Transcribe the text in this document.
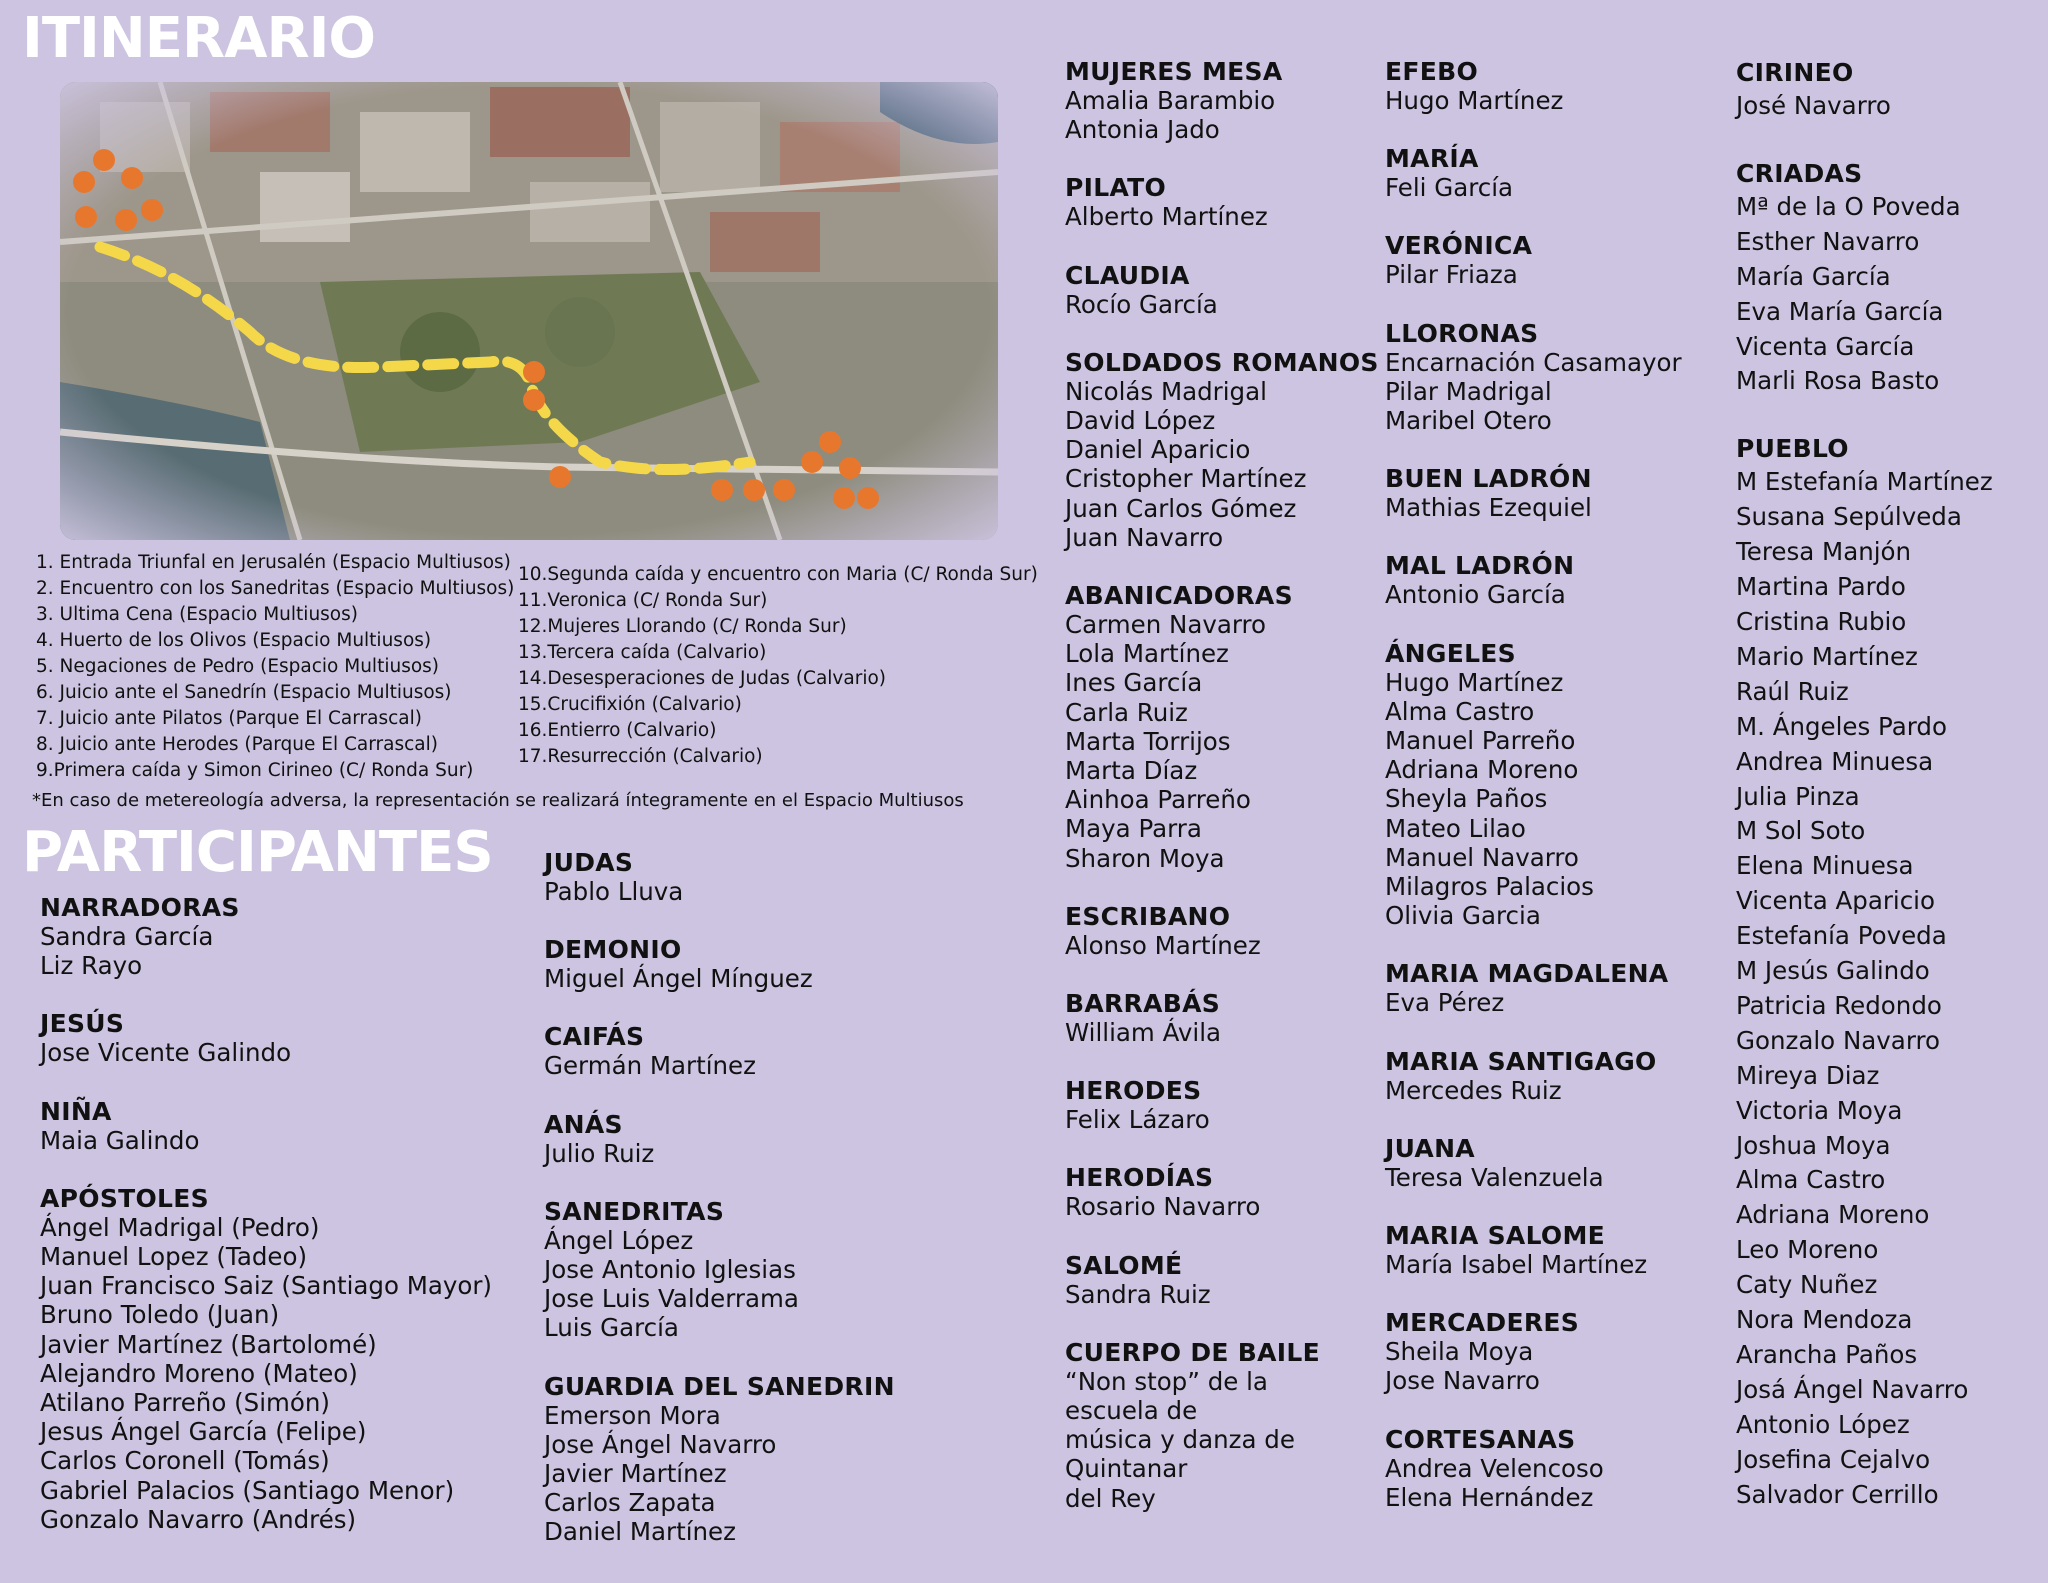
ITINERARIO
1. Entrada Triunfal en Jerusalén (Espacio Multiusos)
2. Encuentro con los Sanedritas (Espacio Multiusos)
3. Ultima Cena (Espacio Multiusos)
4. Huerto de los Olivos (Espacio Multiusos)
5. Negaciones de Pedro (Espacio Multiusos)
6. Juicio ante el Sanedrín (Espacio Multiusos)
7. Juicio ante Pilatos (Parque El Carrascal)
8. Juicio ante Herodes (Parque El Carrascal)
9.Primera caída y Simon Cirineo (C/ Ronda Sur)
10.Segunda caída y encuentro con Maria (C/ Ronda Sur)
11.Veronica (C/ Ronda Sur)
12.Mujeres Llorando (C/ Ronda Sur)
13.Tercera caída (Calvario)
14.Desesperaciones de Judas (Calvario)
15.Crucifixión (Calvario)
16.Entierro (Calvario)
17.Resurrección (Calvario)
*En caso de metereología adversa, la representación se realizará íntegramente en el Espacio Multiusos
PARTICIPANTES
NARRADORAS
Sandra García
Liz Rayo
JESÚS
Jose Vicente Galindo
NIÑA
Maia Galindo
APÓSTOLES
Ángel Madrigal (Pedro)
Manuel Lopez (Tadeo)
Juan Francisco Saiz (Santiago Mayor)
Bruno Toledo (Juan)
Javier Martínez (Bartolomé)
Alejandro Moreno (Mateo)
Atilano Parreño (Simón)
Jesus Ángel García (Felipe)
Carlos Coronell (Tomás)
Gabriel Palacios (Santiago Menor)
Gonzalo Navarro (Andrés)
JUDAS
Pablo Lluva
DEMONIO
Miguel Ángel Mínguez
CAIFÁS
Germán Martínez
ANÁS
Julio Ruiz
SANEDRITAS
Ángel López
Jose Antonio Iglesias
Jose Luis Valderrama
Luis García
GUARDIA DEL SANEDRIN
Emerson Mora
Jose Ángel Navarro
Javier Martínez
Carlos Zapata
Daniel Martínez
MUJERES MESA
Amalia Barambio
Antonia Jado
PILATO
Alberto Martínez
CLAUDIA
Rocío García
SOLDADOS ROMANOS
Nicolás Madrigal
David López
Daniel Aparicio
Cristopher Martínez
Juan Carlos Gómez
Juan Navarro
ABANICADORAS
Carmen Navarro
Lola Martínez
Ines García
Carla Ruiz
Marta Torrijos
Marta Díaz
Ainhoa Parreño
Maya Parra
Sharon Moya
ESCRIBANO
Alonso Martínez
BARRABÁS
William Ávila
HERODES
Felix Lázaro
HERODÍAS
Rosario Navarro
SALOMÉ
Sandra Ruiz
CUERPO DE BAILE
“Non stop” de la
escuela de
música y danza de
Quintanar
del Rey
EFEBO
Hugo Martínez
MARÍA
Feli García
VERÓNICA
Pilar Friaza
LLORONAS
Encarnación Casamayor
Pilar Madrigal
Maribel Otero
BUEN LADRÓN
Mathias Ezequiel
MAL LADRÓN
Antonio García
ÁNGELES
Hugo Martínez
Alma Castro
Manuel Parreño
Adriana Moreno
Sheyla Paños
Mateo Lilao
Manuel Navarro
Milagros Palacios
Olivia Garcia
MARIA MAGDALENA
Eva Pérez
MARIA SANTIGAGO
Mercedes Ruiz
JUANA
Teresa Valenzuela
MARIA SALOME
María Isabel Martínez
MERCADERES
Sheila Moya
Jose Navarro
CORTESANAS
Andrea Velencoso
Elena Hernández
CIRINEO
José Navarro
CRIADAS
Mª de la O Poveda
Esther Navarro
María García
Eva María García
Vicenta García
Marli Rosa Basto
PUEBLO
M Estefanía Martínez
Susana Sepúlveda
Teresa Manjón
Martina Pardo
Cristina Rubio
Mario Martínez
Raúl Ruiz
M. Ángeles Pardo
Andrea Minuesa
Julia Pinza
M Sol Soto
Elena Minuesa
Vicenta Aparicio
Estefanía Poveda
M Jesús Galindo
Patricia Redondo
Gonzalo Navarro
Mireya Diaz
Victoria Moya
Joshua Moya
Alma Castro
Adriana Moreno
Leo Moreno
Caty Nuñez
Nora Mendoza
Arancha Paños
Josá Ángel Navarro
Antonio López
Josefina Cejalvo
Salvador Cerrillo
